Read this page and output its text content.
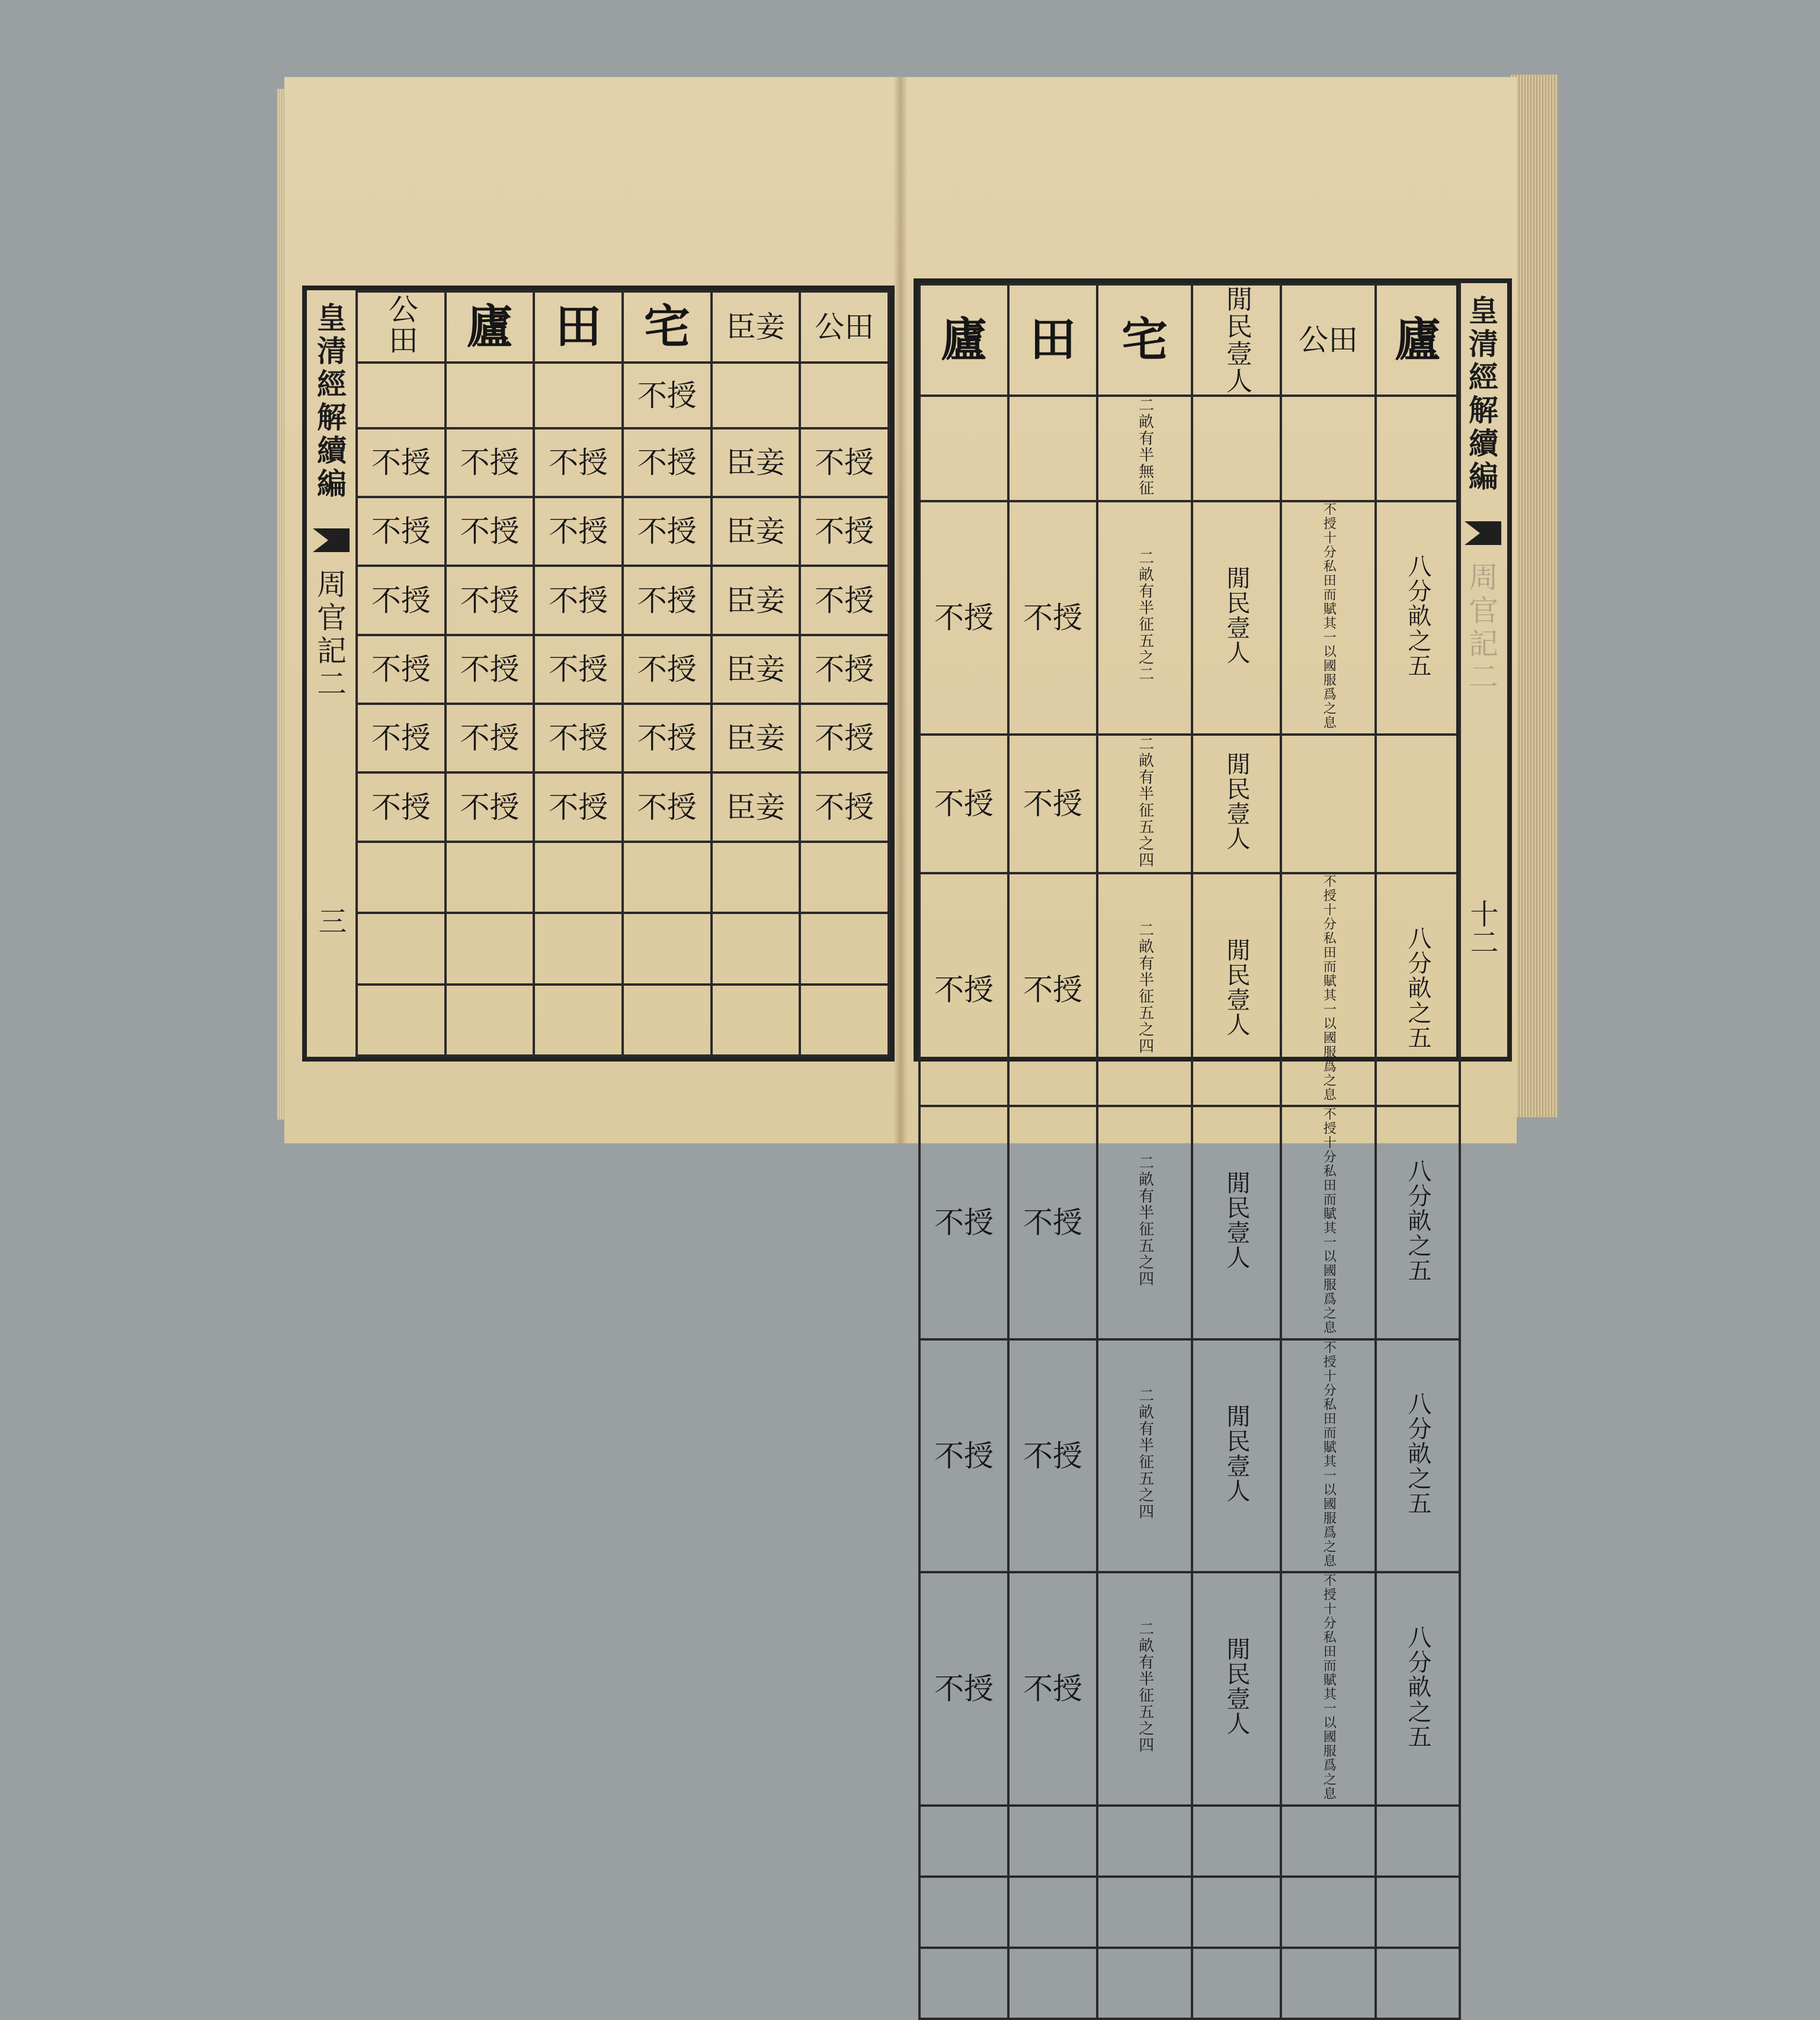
皇清經解續編
周官記二
三
公田	廬	田	宅	臣妾	公田
			不授		
不授	不授	不授	不授	臣妾	不授
不授	不授	不授	不授	臣妾	不授
不授	不授	不授	不授	臣妾	不授
不授	不授	不授	不授	臣妾	不授
不授	不授	不授	不授	臣妾	不授
不授	不授	不授	不授	臣妾	不授

廬	田	宅	閒民壹人	公田	廬
		二畝有半無征			
不授	不授	二畝有半征五之二	閒民壹人	不授十分私田而賦其一以國服爲之息	八分畝之五
不授	不授	二畝有半征五之四	閒民壹人		
不授	不授	二畝有半征五之四	閒民壹人	不授十分私田而賦其一以國服爲之息	八分畝之五
不授	不授	二畝有半征五之四	閒民壹人	不授十分私田而賦其一以國服爲之息	八分畝之五
不授	不授	二畝有半征五之四	閒民壹人	不授十分私田而賦其一以國服爲之息	八分畝之五
不授	不授	二畝有半征五之四	閒民壹人	不授十分私田而賦其一以國服爲之息	八分畝之五

皇清經解續編
周官記二
十二
